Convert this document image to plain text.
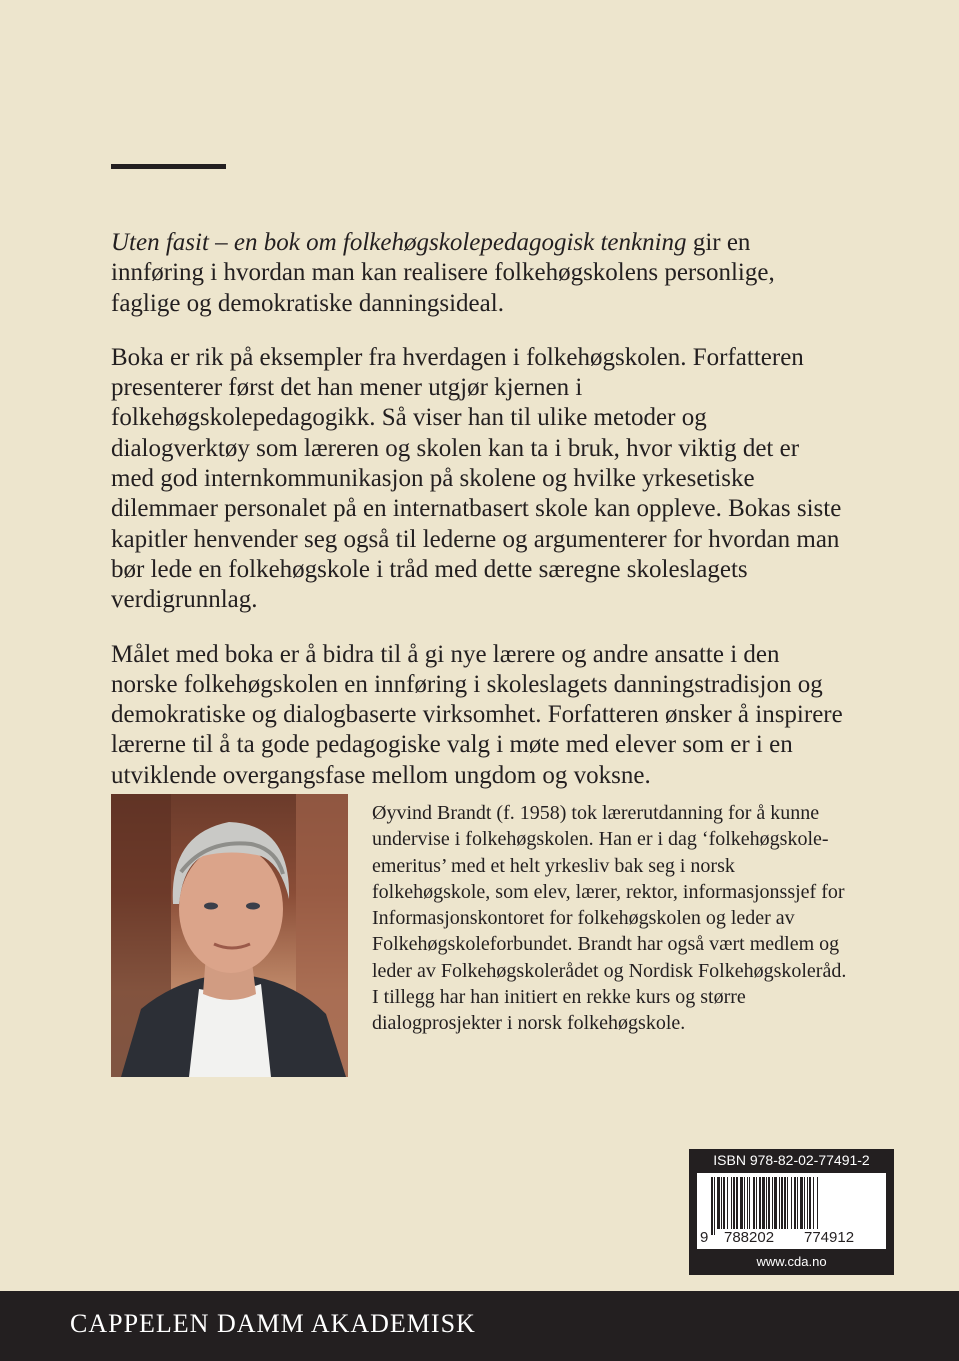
Uten fasit – en bok om folkehøgskolepedagogisk tenkning gir en innføring i hvordan man kan realisere folkehøgskolens personlige, faglige og demokratiske danningsideal.

Boka er rik på eksempler fra hverdagen i folkehøgskolen. Forfatteren presenterer først det han mener utgjør kjernen i folkehøgskolepedagogikk. Så viser han til ulike metoder og dialogverktøy som læreren og skolen kan ta i bruk, hvor viktig det er med god internkommunikasjon på skolene og hvilke yrkesetiske dilemmaer personalet på en internatbasert skole kan oppleve. Bokas siste kapitler henvender seg også til lederne og argumenterer for hvordan man bør lede en folkehøgskole i tråd med dette særegne skoleslagets verdigrunnlag.

Målet med boka er å bidra til å gi nye lærere og andre ansatte i den norske folkehøgskolen en innføring i skoleslagets danningstradisjon og demokratiske og dialogbaserte virksomhet. Forfatteren ønsker å inspirere lærerne til å ta gode pedagogiske valg i møte med elever som er i en utviklende overgangsfase mellom ungdom og voksne.

Øyvind Brandt (f. 1958) tok lærerutdanning for å kunne undervise i folkehøgskolen. Han er i dag ‘folkehøgskole-emeritus’ med et helt yrkesliv bak seg i norsk folkehøgskole, som elev, lærer, rektor, informasjonssjef for Informasjonskontoret for folkehøgskolen og leder av Folkehøgskoleforbundet. Brandt har også vært medlem og leder av Folkehøgskolerådet og Nordisk Folkehøgskoleråd. I tillegg har han initiert en rekke kurs og større dialogprosjekter i norsk folkehøgskole.
ISBN 978-82-02-77491-2
9 788202 774912
www.cda.no
CAPPELEN DAMM AKADEMISK
